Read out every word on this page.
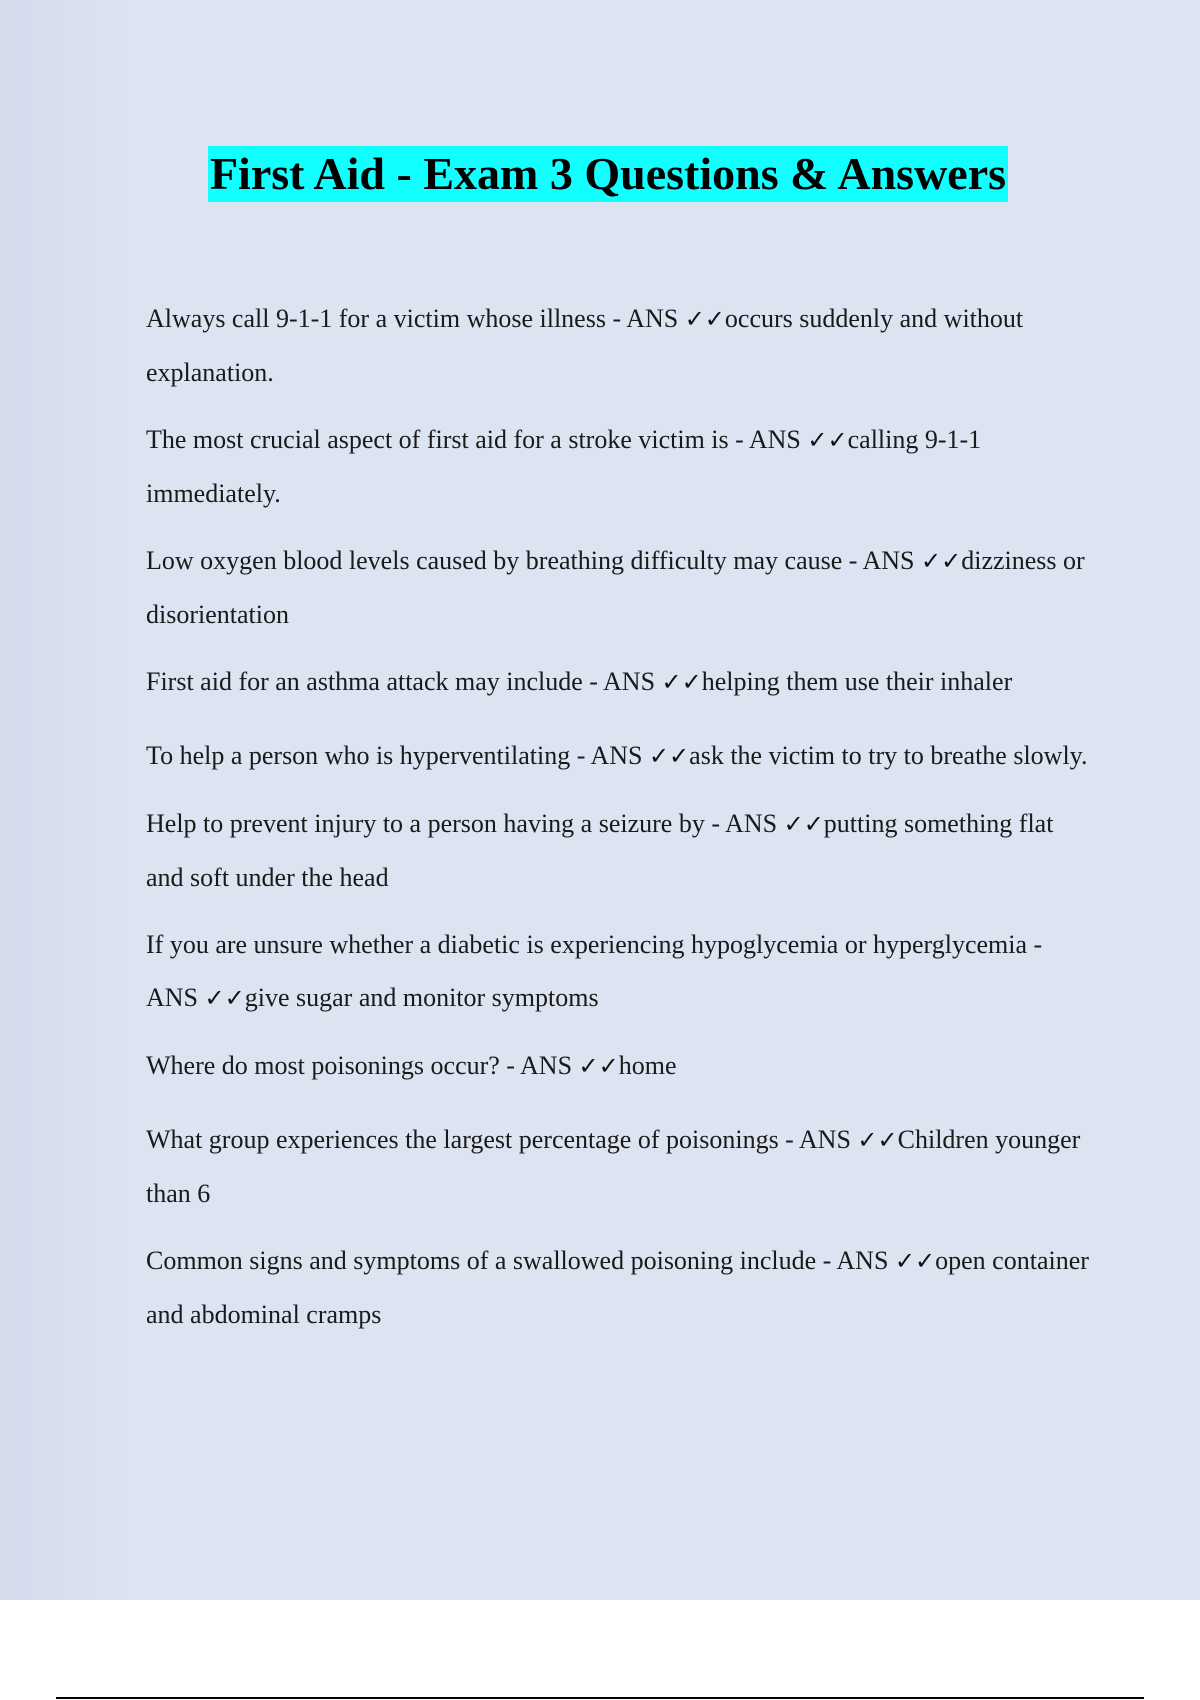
First Aid - Exam 3 Questions & Answers

Always call 9-1-1 for a victim whose illness - ANS ✓✓occurs suddenly and without explanation.

The most crucial aspect of first aid for a stroke victim is - ANS ✓✓calling 9-1-1 immediately.

Low oxygen blood levels caused by breathing difficulty may cause - ANS ✓✓dizziness or disorientation

First aid for an asthma attack may include - ANS ✓✓helping them use their inhaler

To help a person who is hyperventilating - ANS ✓✓ask the victim to try to breathe slowly.

Help to prevent injury to a person having a seizure by - ANS ✓✓putting something flat and soft under the head

If you are unsure whether a diabetic is experiencing hypoglycemia or hyperglycemia - ANS ✓✓give sugar and monitor symptoms

Where do most poisonings occur? - ANS ✓✓home

What group experiences the largest percentage of poisonings - ANS ✓✓Children younger than 6

Common signs and symptoms of a swallowed poisoning include - ANS ✓✓open container and abdominal cramps
